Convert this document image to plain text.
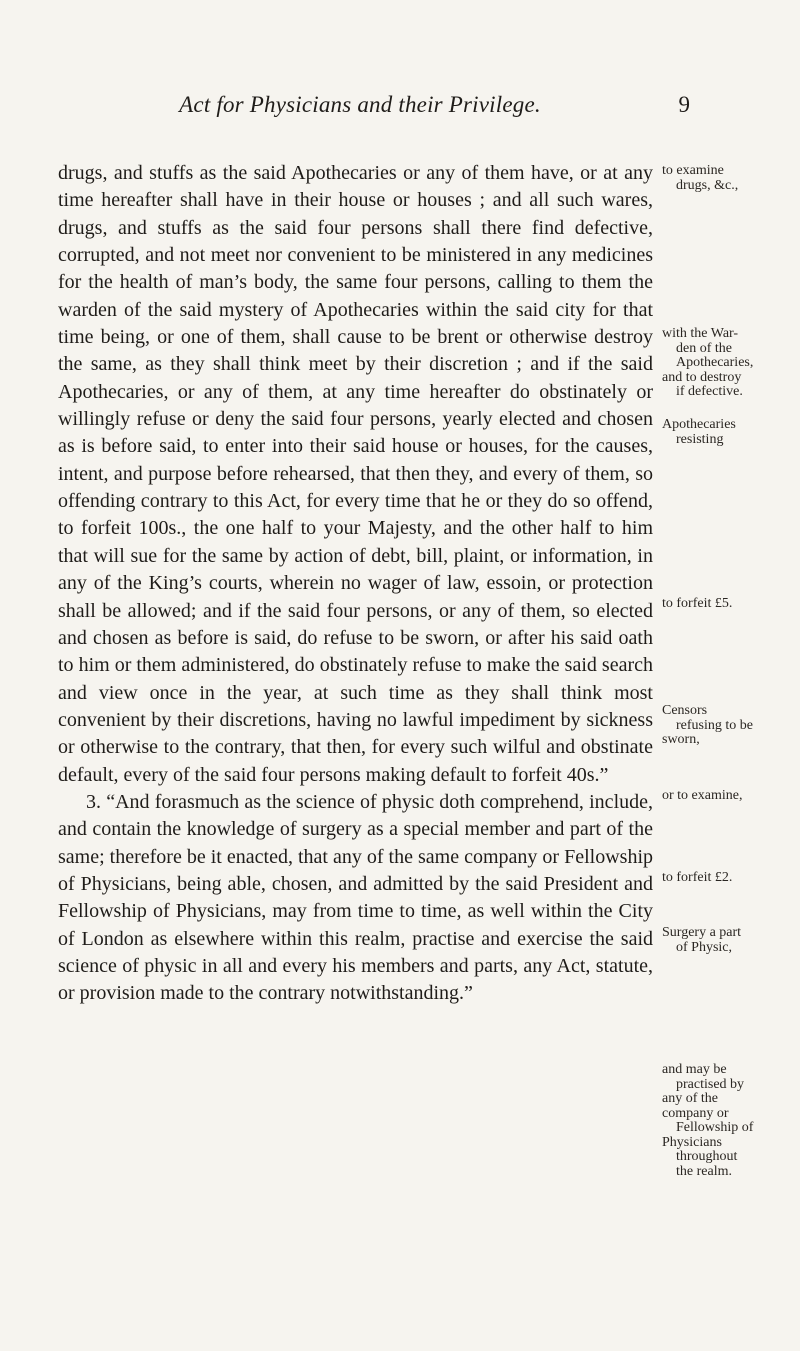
Act for Physicians and their Privilege.	9

drugs, and stuffs as the said Apothecaries or any of them have, or at any time hereafter shall have in their house or houses ; and all such wares, drugs, and stuffs as the said four persons shall there find defective, corrupted, and not meet nor convenient to be ministered in any medicines for the health of man’s body, the same four persons, calling to them the warden of the said mystery of Apothecaries within the said city for that time being, or one of them, shall cause to be brent or otherwise destroy the same, as they shall think meet by their discretion ; and if the said Apothecaries, or any of them, at any time hereafter do obstinately or willingly refuse or deny the said four persons, yearly elected and chosen as is before said, to enter into their said house or houses, for the causes, intent, and purpose before rehearsed, that then they, and every of them, so offending contrary to this Act, for every time that he or they do so offend, to forfeit 100s., the one half to your Majesty, and the other half to him that will sue for the same by action of debt, bill, plaint, or information, in any of the King’s courts, wherein no wager of law, essoin, or protection shall be allowed; and if the said four persons, or any of them, so elected and chosen as before is said, do refuse to be sworn, or after his said oath to him or them administered, do obstinately refuse to make the said search and view once in the year, at such time as they shall think most convenient by their discretions, having no lawful impediment by sickness or otherwise to the contrary, that then, for every such wilful and obstinate default, every of the said four persons making default to forfeit 40s.”

3. “And forasmuch as the science of physic doth comprehend, include, and contain the knowledge of surgery as a special member and part of the same; therefore be it enacted, that any of the same company or Fellowship of Physicians, being able, chosen, and admitted by the said President and Fellowship of Physicians, may from time to time, as well within the City of London as elsewhere within this realm, practise and exercise the said science of physic in all and every his members and parts, any Act, statute, or provision made to the contrary notwithstanding.”

to examine

drugs, &c.,
with the War-

den of the
Apothecaries,
and to destroy

if defective.
Apothecaries

resisting
to forfeit £5.
Censors

refusing to be
sworn,
or to examine,
to forfeit £2.
Surgery a part

of Physic,
and may be

practised by
any of the
company or

Fellowship of
Physicians

throughout
the realm.
